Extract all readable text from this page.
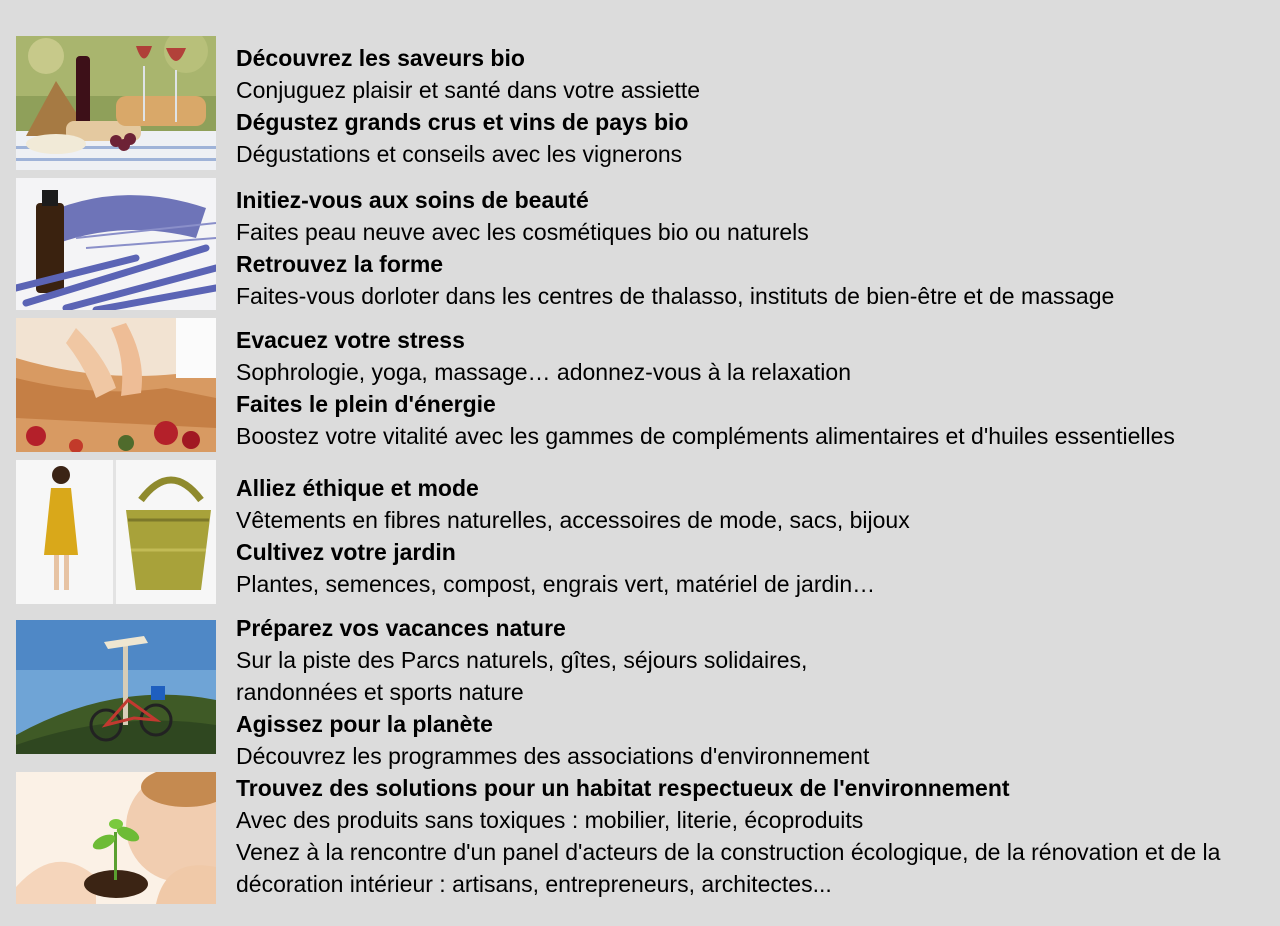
Découvrez les saveurs bio
Conjuguez plaisir et santé dans votre assiette
Dégustez grands crus et vins de pays bio
Dégustations et conseils avec les vignerons
Initiez-vous aux soins de beauté
Faites peau neuve avec les cosmétiques bio ou naturels
Retrouvez la forme
Faites-vous dorloter dans les centres de thalasso, instituts de bien-être et de massage
Evacuez votre stress
Sophrologie, yoga, massage… adonnez-vous à la relaxation
Faites le plein d'énergie
Boostez votre vitalité avec les gammes de compléments alimentaires et d'huiles essentielles
Alliez éthique et mode
Vêtements en fibres naturelles, accessoires de mode, sacs, bijoux
Cultivez votre jardin
Plantes, semences, compost, engrais vert, matériel de jardin…
Préparez vos vacances nature
Sur la piste des Parcs naturels, gîtes, séjours solidaires,
randonnées et sports nature
Agissez pour la planète
Découvrez les programmes des associations d'environnement
Trouvez des solutions pour un habitat respectueux de l'environnement
Avec des produits sans toxiques : mobilier, literie, écoproduits
Venez à la rencontre d'un panel d'acteurs de la construction écologique, de la rénovation et de la
décoration intérieur : artisans, entrepreneurs, architectes...
